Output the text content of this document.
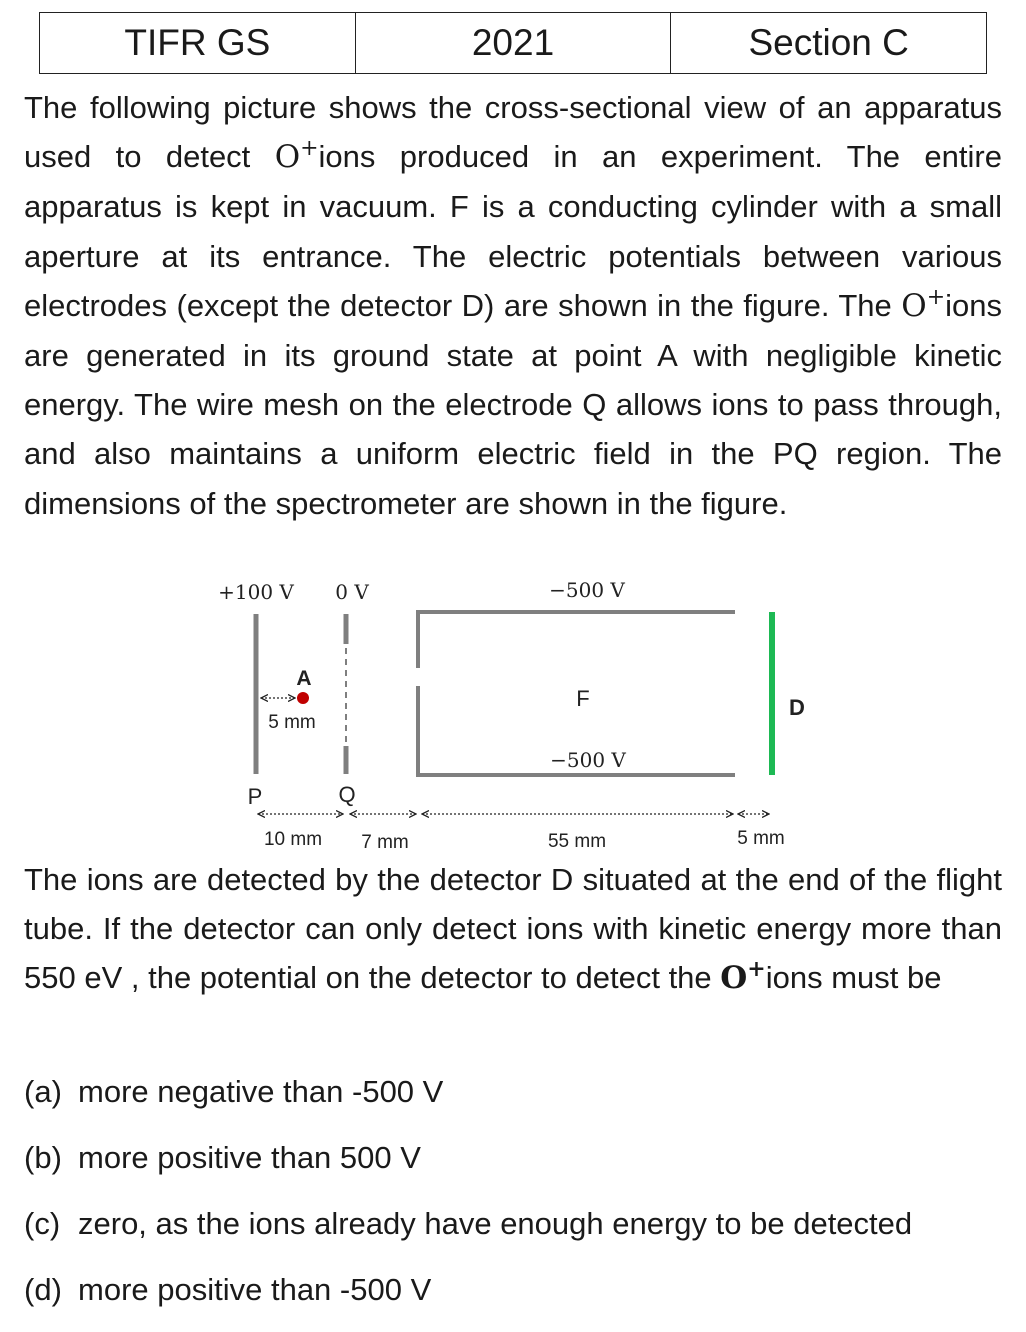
TIFR GS	2021	Section C

The following picture shows the cross-sectional view of an apparatus used to detect O+ions produced in an experiment. The entire apparatus is kept in vacuum. F is a conducting cylinder with a small aperture at its entrance. The electric potentials between various electrodes (except the detector D) are shown in the figure. The O+ions are generated in its ground state at point A with negligible kinetic energy. The wire mesh on the electrode Q allows ions to pass through, and also maintains a uniform electric field in the PQ region. The dimensions of the spectrometer are shown in the figure.

+100 V 0 V	−500 V
A
5 mm
F
−500 V
D
P	Q
10 mm 7 mm	55 mm	5 mm

The ions are detected by the detector D situated at the end of the flight tube. If the detector can only detect ions with kinetic energy more than 550 eV , the potential on the detector to detect the O+ions must be

(a) more negative than -500 V

(b) more positive than 500 V

(c) zero, as the ions already have enough energy to be detected

(d) more positive than -500 V
